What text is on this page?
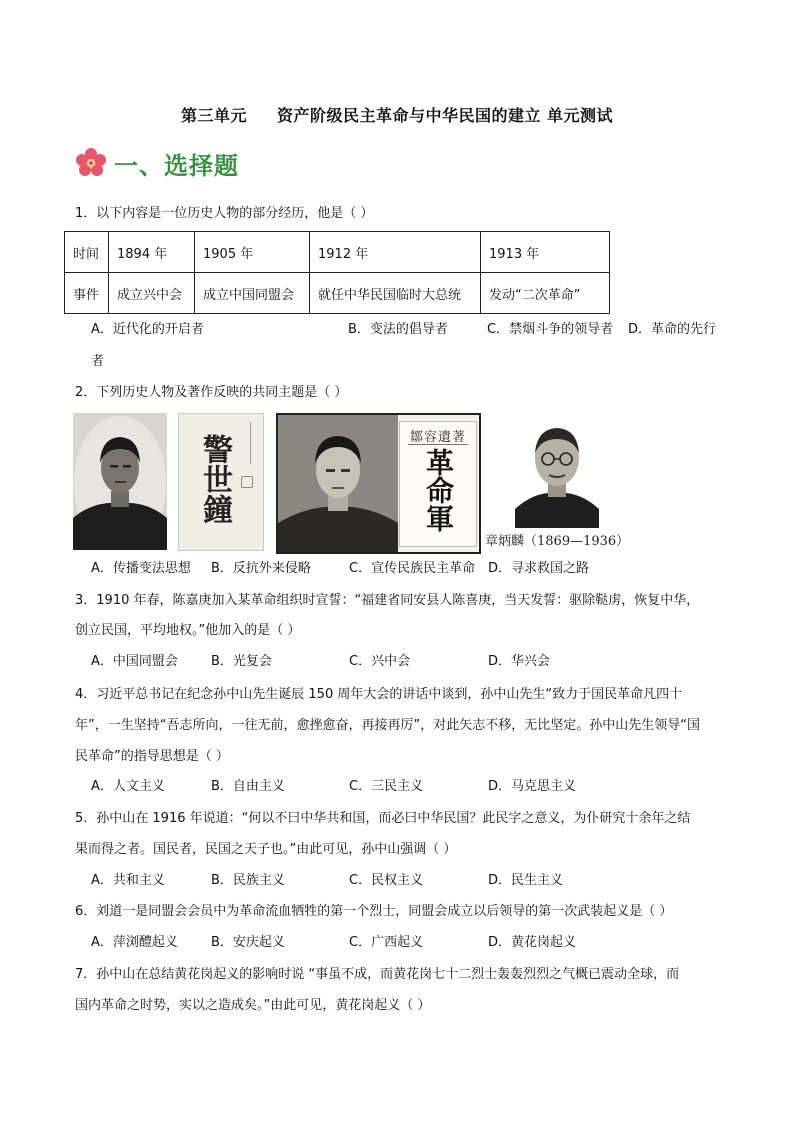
第三单元 资产阶级民主革命与中华民国的建立 单元测试
一、选择题
1．以下内容是一位历史人物的部分经历，他是（ ）
时间	1894 年	1905 年	1912 年	1913 年
事件	成立兴中会	成立中国同盟会	就任中华民国临时大总统	发动“二次革命”
A．近代化的开启者	B．变法的倡导者	C．禁烟斗争的领导者 D．革命的先行
者
2．下列历史人物及著作反映的共同主题是（ ）
警世鐘	鄒容遺著
革命軍
章炳麟（1869—1936）
A．传播变法思想 B．反抗外来侵略	C．宣传民族民主革命 D．寻求救国之路
3．1910 年春，陈嘉庚加入某革命组织时宣誓：“福建省同安县人陈喜庚，当天发誓：驱除鞑虏，恢复中华，
创立民国，平均地权。”他加入的是（ ）
A．中国同盟会	B．光复会	C．兴中会	D．华兴会
4．习近平总书记在纪念孙中山先生诞辰 150 周年大会的讲话中谈到，孙中山先生“致力于国民革命凡四十
年”，一生坚持“吾志所向，一往无前，愈挫愈奋，再接再厉”，对此矢志不移，无比坚定。孙中山先生领导“国
民革命”的指导思想是（ ）
A．人文主义	B．自由主义	C．三民主义	D．马克思主义
5．孙中山在 1916 年说道：“何以不曰中华共和国，而必曰中华民国？此民字之意义，为仆研究十余年之结
果而得之者。国民者，民国之天子也。”由此可见，孙中山强调（ ）
A．共和主义	B．民族主义	C．民权主义	D．民生主义
6．刘道一是同盟会会员中为革命流血牺牲的第一个烈士，同盟会成立以后领导的第一次武装起义是（ ）
A．萍浏醴起义	B．安庆起义	C．广西起义	D．黄花岗起义
7．孙中山在总结黄花岗起义的影响时说 “事虽不成，而黄花岗七十二烈士轰轰烈烈之气概已震动全球，而
国内革命之时势，实以之造成矣。”由此可见，黄花岗起义（ ）
